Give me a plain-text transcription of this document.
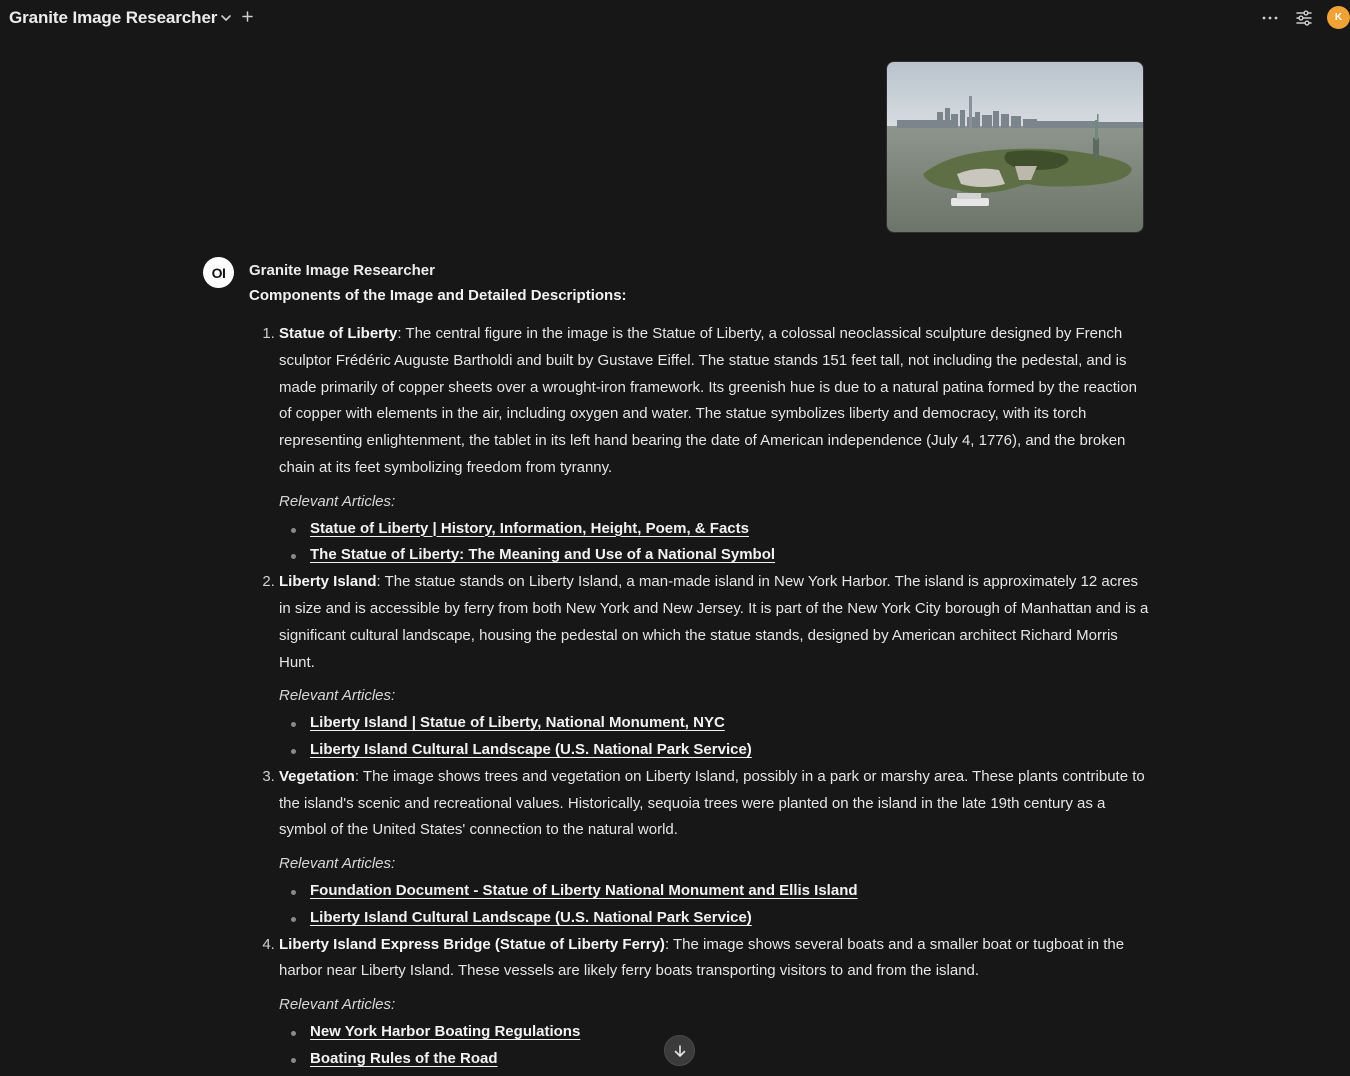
Granite Image Researcher	K
OI	Granite Image Researcher
Components of the Image and Detailed Descriptions:
1. Statue of Liberty: The central figure in the image is the Statue of Liberty, a colossal neoclassical sculpture designed by French sculptor Frédéric Auguste Bartholdi and built by Gustave Eiffel. The statue stands 151 feet tall, not including the pedestal, and is made primarily of copper sheets over a wrought-iron framework. Its greenish hue is due to a natural patina formed by the reaction of copper with elements in the air, including oxygen and water. The statue symbolizes liberty and democracy, with its torch representing enlightenment, the tablet in its left hand bearing the date of American independence (July 4, 1776), and the broken chain at its feet symbolizing freedom from tyranny.
Relevant Articles:
Statue of Liberty | History, Information, Height, Poem, & Facts
The Statue of Liberty: The Meaning and Use of a National Symbol
2. Liberty Island: The statue stands on Liberty Island, a man-made island in New York Harbor. The island is approximately 12 acres in size and is accessible by ferry from both New York and New Jersey. It is part of the New York City borough of Manhattan and is a significant cultural landscape, housing the pedestal on which the statue stands, designed by American architect Richard Morris Hunt.
Relevant Articles:
Liberty Island | Statue of Liberty, National Monument, NYC
Liberty Island Cultural Landscape (U.S. National Park Service)
3. Vegetation: The image shows trees and vegetation on Liberty Island, possibly in a park or marshy area. These plants contribute to the island's scenic and recreational values. Historically, sequoia trees were planted on the island in the late 19th century as a symbol of the United States' connection to the natural world.
Relevant Articles:
Foundation Document - Statue of Liberty National Monument and Ellis Island
Liberty Island Cultural Landscape (U.S. National Park Service)
4. Liberty Island Express Bridge (Statue of Liberty Ferry): The image shows several boats and a smaller boat or tugboat in the harbor near Liberty Island. These vessels are likely ferry boats transporting visitors to and from the island.
Relevant Articles:
New York Harbor Boating Regulations
Boating Rules of the Road
